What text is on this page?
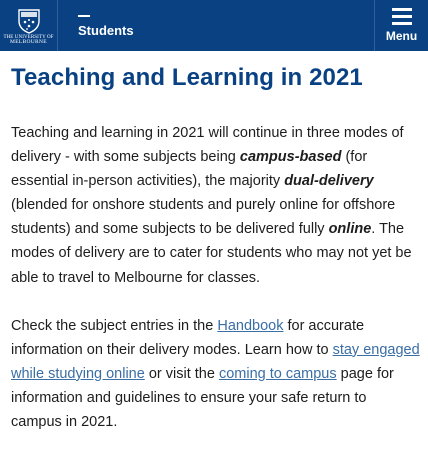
THE UNIVERSITY OF
MELBOURNE
Students	Menu
Teaching and Learning in 2021

Teaching and learning in 2021 will continue in three modes of delivery - with some subjects being campus-based (for essential in-person activities), the majority dual-delivery (blended for onshore students and purely online for offshore students) and some subjects to be delivered fully online. The modes of delivery are to cater for students who may not yet be able to travel to Melbourne for classes.

Check the subject entries in the Handbook for accurate information on their delivery modes. Learn how to stay engaged while studying online or visit the coming to campus page for information and guidelines to ensure your safe return to campus in 2021.
